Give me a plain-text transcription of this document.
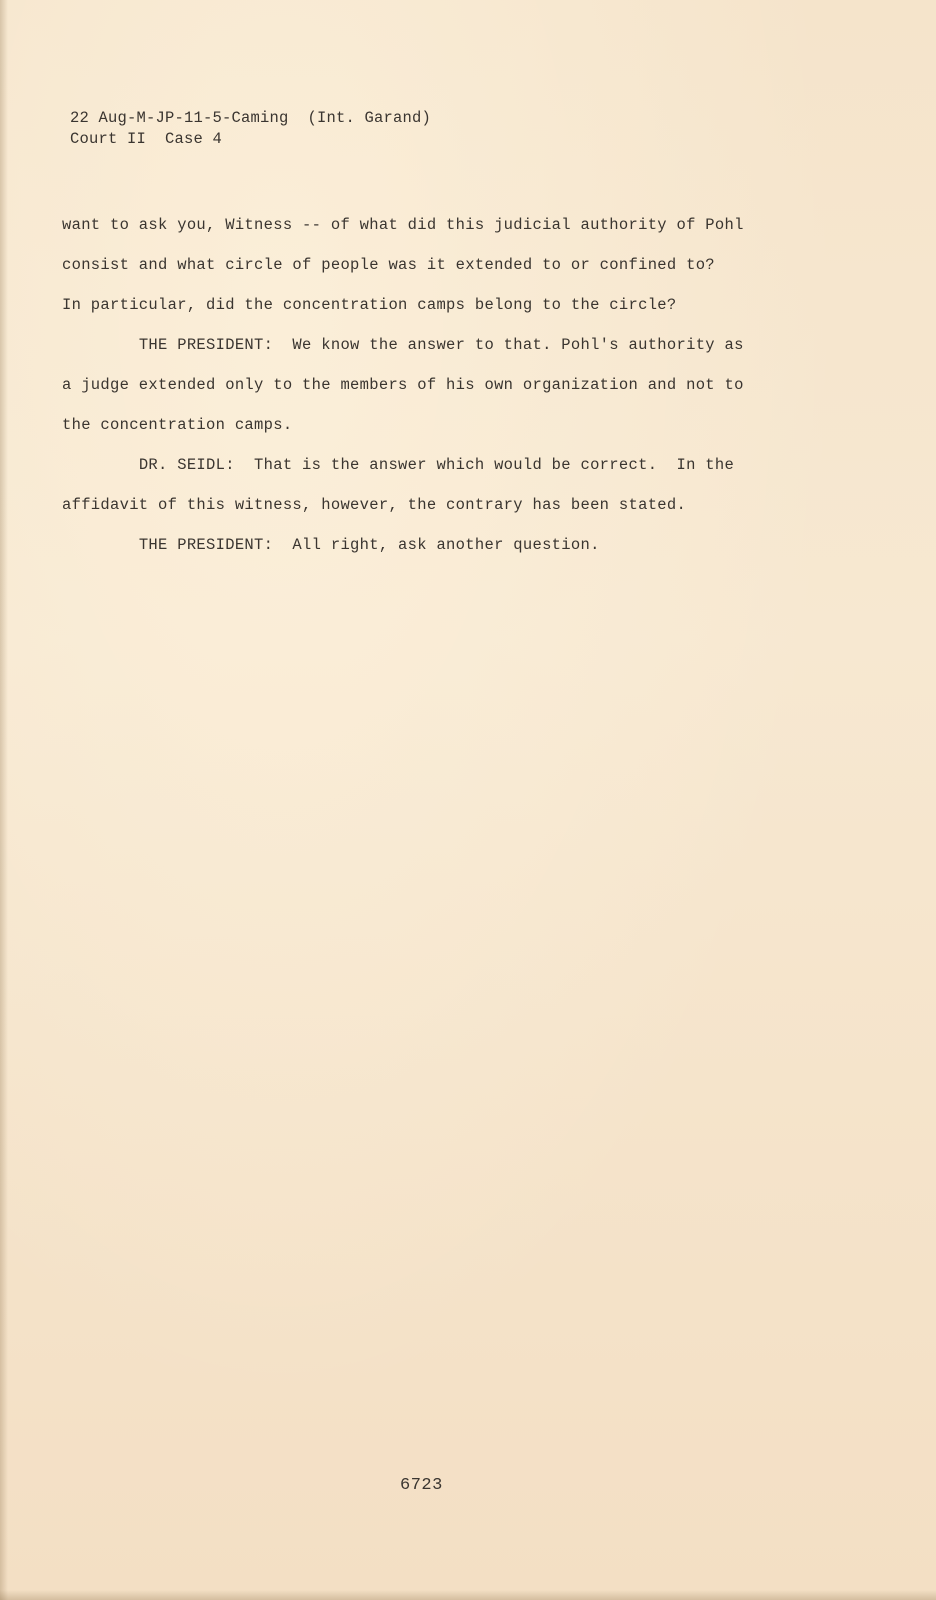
22 Aug-M-JP-11-5-Caming  (Int. Garand)
Court II  Case 4

want to ask you, Witness -- of what did this judicial authority of Pohl

consist and what circle of people was it extended to or confined to?

In particular, did the concentration camps belong to the circle?

THE PRESIDENT:  We know the answer to that. Pohl's authority as

a judge extended only to the members of his own organization and not to

the concentration camps.

DR. SEIDL:  That is the answer which would be correct.  In the

affidavit of this witness, however, the contrary has been stated.

THE PRESIDENT:  All right, ask another question.

6723
